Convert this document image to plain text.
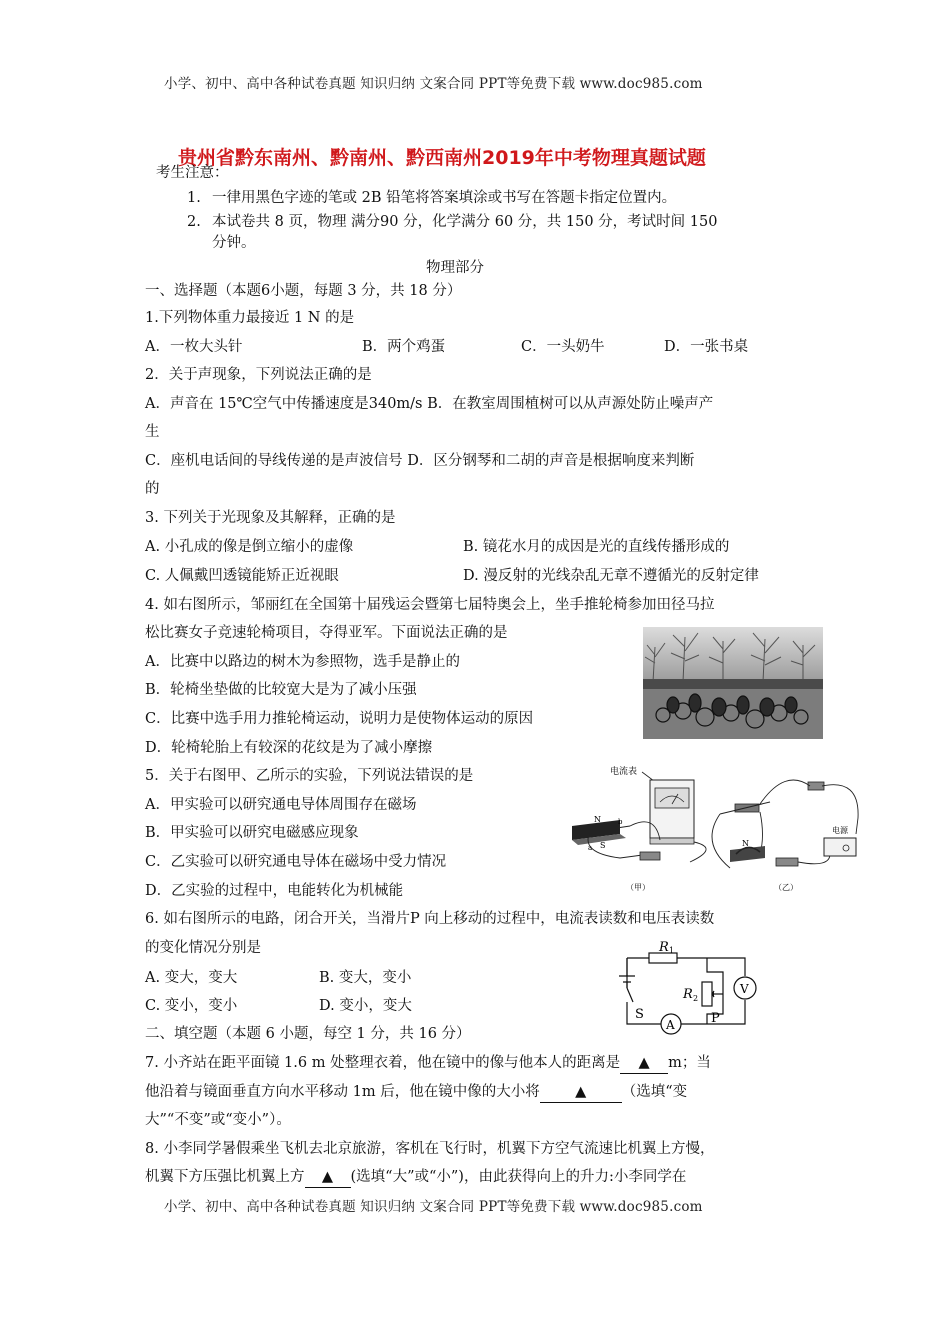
小学、初中、高中各种试卷真题 知识归纳 文案合同 PPT等免费下载 www.doc985.com
贵州省黔东南州、黔南州、黔西南州2019年中考物理真题试题
考生注意：
1. 一律用黑色字迹的笔或 2B 铅笔将答案填涂或书写在答题卡指定位置内。
2. 本试卷共 8 页，物理 满分90 分，化学满分 60 分，共 150 分，考试时间 150
分钟。
物理部分
一、选择题（本题6小题，每题 3 分，共 18 分）
1.下列物体重力最接近 1 N 的是
A．一枚大头针	B．两个鸡蛋	C．一头奶牛	D．一张书桌
2．关于声现象，下列说法正确的是
A．声音在 15℃空气中传播速度是340m/s B．在教室周围植树可以从声源处防止噪声产
生
C．座机电话间的导线传递的是声波信号 D．区分钢琴和二胡的声音是根据响度来判断
的
3. 下列关于光现象及其解释，正确的是
A. 小孔成的像是倒立缩小的虚像	B. 镜花水月的成因是光的直线传播形成的
C. 人佩戴凹透镜能矫正近视眼	D. 漫反射的光线杂乱无章不遵循光的反射定律
4. 如右图所示，邹丽红在全国第十届残运会暨第七届特奥会上，坐手推轮椅参加田径马拉
松比赛女子竞速轮椅项目，夺得亚军。下面说法正确的是
A．比赛中以路边的树木为参照物，选手是静止的
B．轮椅坐垫做的比较宽大是为了减小压强
C．比赛中选手用力推轮椅运动，说明力是使物体运动的原因
D．轮椅轮胎上有较深的花纹是为了减小摩擦
5．关于右图甲、乙所示的实验，下列说法错误的是
A．甲实验可以研究通电导体周围存在磁场
B．甲实验可以研究电磁感应现象
C．乙实验可以研究通电导体在磁场中受力情况
D．乙实验的过程中，电能转化为机械能
电流表
N
S
a
b
（甲）
N
电源
（乙）
6. 如右图所示的电路，闭合开关，当滑片P 向上移动的过程中，电流表读数和电压表读数
的变化情况分别是
A. 变大，变大	B. 变大，变小
C. 变小，变小	D. 变小，变大
R 1
R 2
P
S
V
A
二、填空题（本题 6 小题，每空 1 分，共 16 分）
7. 小齐站在距平面镜 1.6 m 处整理衣着，他在镜中的像与他本人的距离是 ▲ m；当
他沿着与镜面垂直方向水平移动 1m 后，他在镜中像的大小将 ▲ （选填“变
大”“不变”或“变小”）。
8. 小李同学暑假乘坐飞机去北京旅游，客机在飞行时，机翼下方空气流速比机翼上方慢，
机翼下方压强比机翼上方 ▲ (选填“大”或“小”)，由此获得向上的升力:小李同学在
小学、初中、高中各种试卷真题 知识归纳 文案合同 PPT等免费下载 www.doc985.com
